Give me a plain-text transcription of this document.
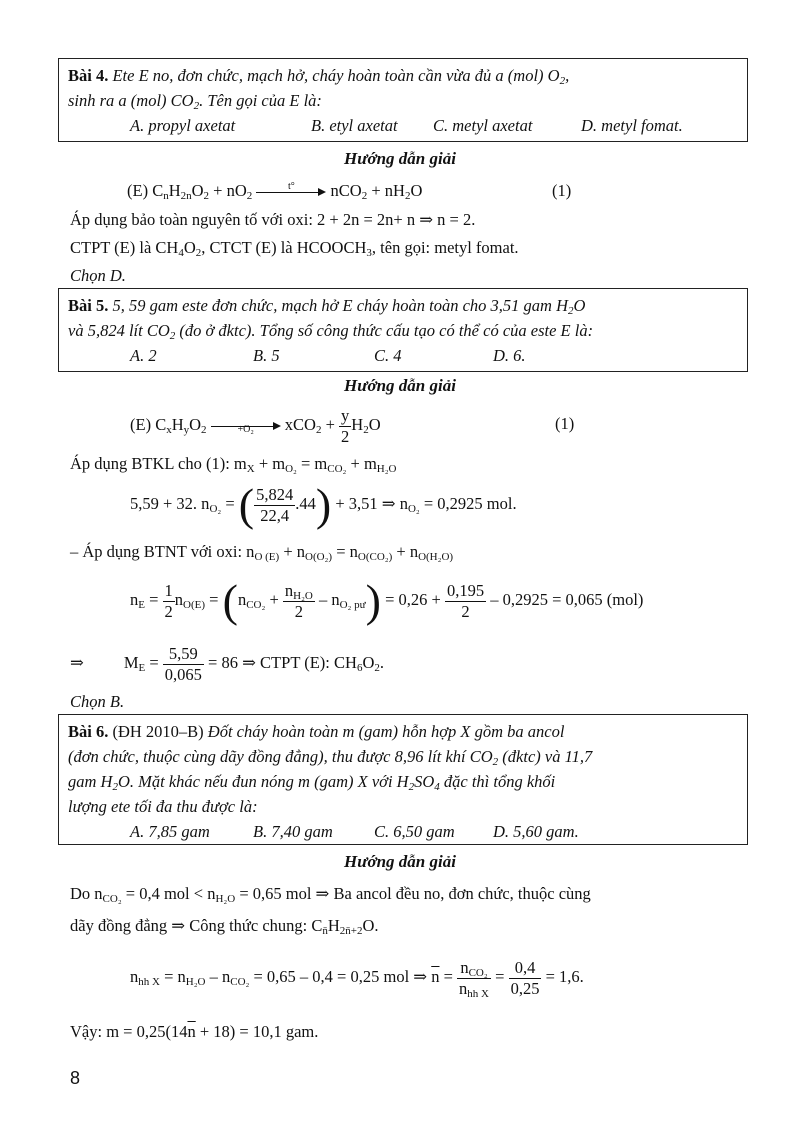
Bài 4. Ete E no, đơn chức, mạch hở, cháy hoàn toàn cần vừa đủ a (mol) $O_2$,
sinh ra a (mol) $CO_2$. Tên gọi của E là:
A. propyl axetat	B. etyl axetat C. metyl axetat	D. metyl fomat.
Hướng dẫn giải
(E) $C_nH_{2n}O_2 + nO_2$
t°	$nCO_2 + nH_2O$	(1)
Áp dụng bảo toàn nguyên tố với oxi: 2 + 2n = 2n+ n ⇒ n = 2.
CTPT (E) là $CH_4O_2$, CTCT (E) là $HCOOCH_3$, tên gọi: metyl fomat.
Chọn D.
Bài 5. 5, 59 gam este đơn chức, mạch hở E cháy hoàn toàn cho 3,51 gam $H_2O$
và 5,824 lít $CO_2$ (đo ở đktc). Tổng số công thức cấu tạo có thể có của este E là:
A. 2	B. 5	C. 4	D. 6.
Hướng dẫn giải
(E) $C_xH_yO_2$	+O₂	$xCO_2 + \frac{y}{2} H_2O$	(1)
Áp dụng BTKL cho (1): $m_X + m_{O_2} = m_{CO_2} + m_{H_2O}$
5,59 + 32. $n_{O_2}$ = ( $\frac{5,824}{22,4} .44) + 3,51$ ⇒ $n_{O_2} = 0,2925$ mol.
– Áp dụng BTNT với oxi: $n_{O (E)} + n_{O(O_2)} = n_{O(CO_2)} + n_{O(H_2O)}$
$n_E = \frac{1}{2} n_{O(E)} = (n_{CO_2} + \frac{n_{H_2O}}{2} - n_{O_2 pư}) = 0,26 + \frac{0,195}{2} - 0,2925 = 0,065$ (mol)
⇒ $M_E = \frac{5,59}{0,065} = 86$ ⇒ CTPT (E): $CH_6O_2$.
Chọn B.
Bài 6. (ĐH 2010–B) Đốt cháy hoàn toàn m (gam) hỗn hợp X gồm ba ancol
(đơn chức, thuộc cùng dãy đồng đẳng), thu được 8,96 lít khí $CO_2$ (đktc) và 11,7
gam $H_2O$. Mặt khác nếu đun nóng m (gam) X với $H_2SO_4$ đặc thì tổng khối
lượng ete tối đa thu được là:
A. 7,85 gam	B. 7,40 gam	C. 6,50 gam D. 5,60 gam.
Hướng dẫn giải
Do $n_{CO_2} = 0,4$ mol < $n_{H_2O} = 0,65$ mol ⇒ Ba ancol đều no, đơn chức, thuộc cùng
dãy đồng đẳng ⇒ Công thức chung: $C_{n̄}H_{2n̄+2}O$.
$n_{hh X} = n_{H_2O} - n_{CO_2} = 0,65 - 0,4 = 0,25$ mol ⇒ $\overline{n} = \frac{n_{CO_2}}{n_{hh X}} = \frac{0,4}{0,25} = 1,6$.
Vậy: $m = 0,25(14\overline{n} + 18) = 10,1$ gam.
8
